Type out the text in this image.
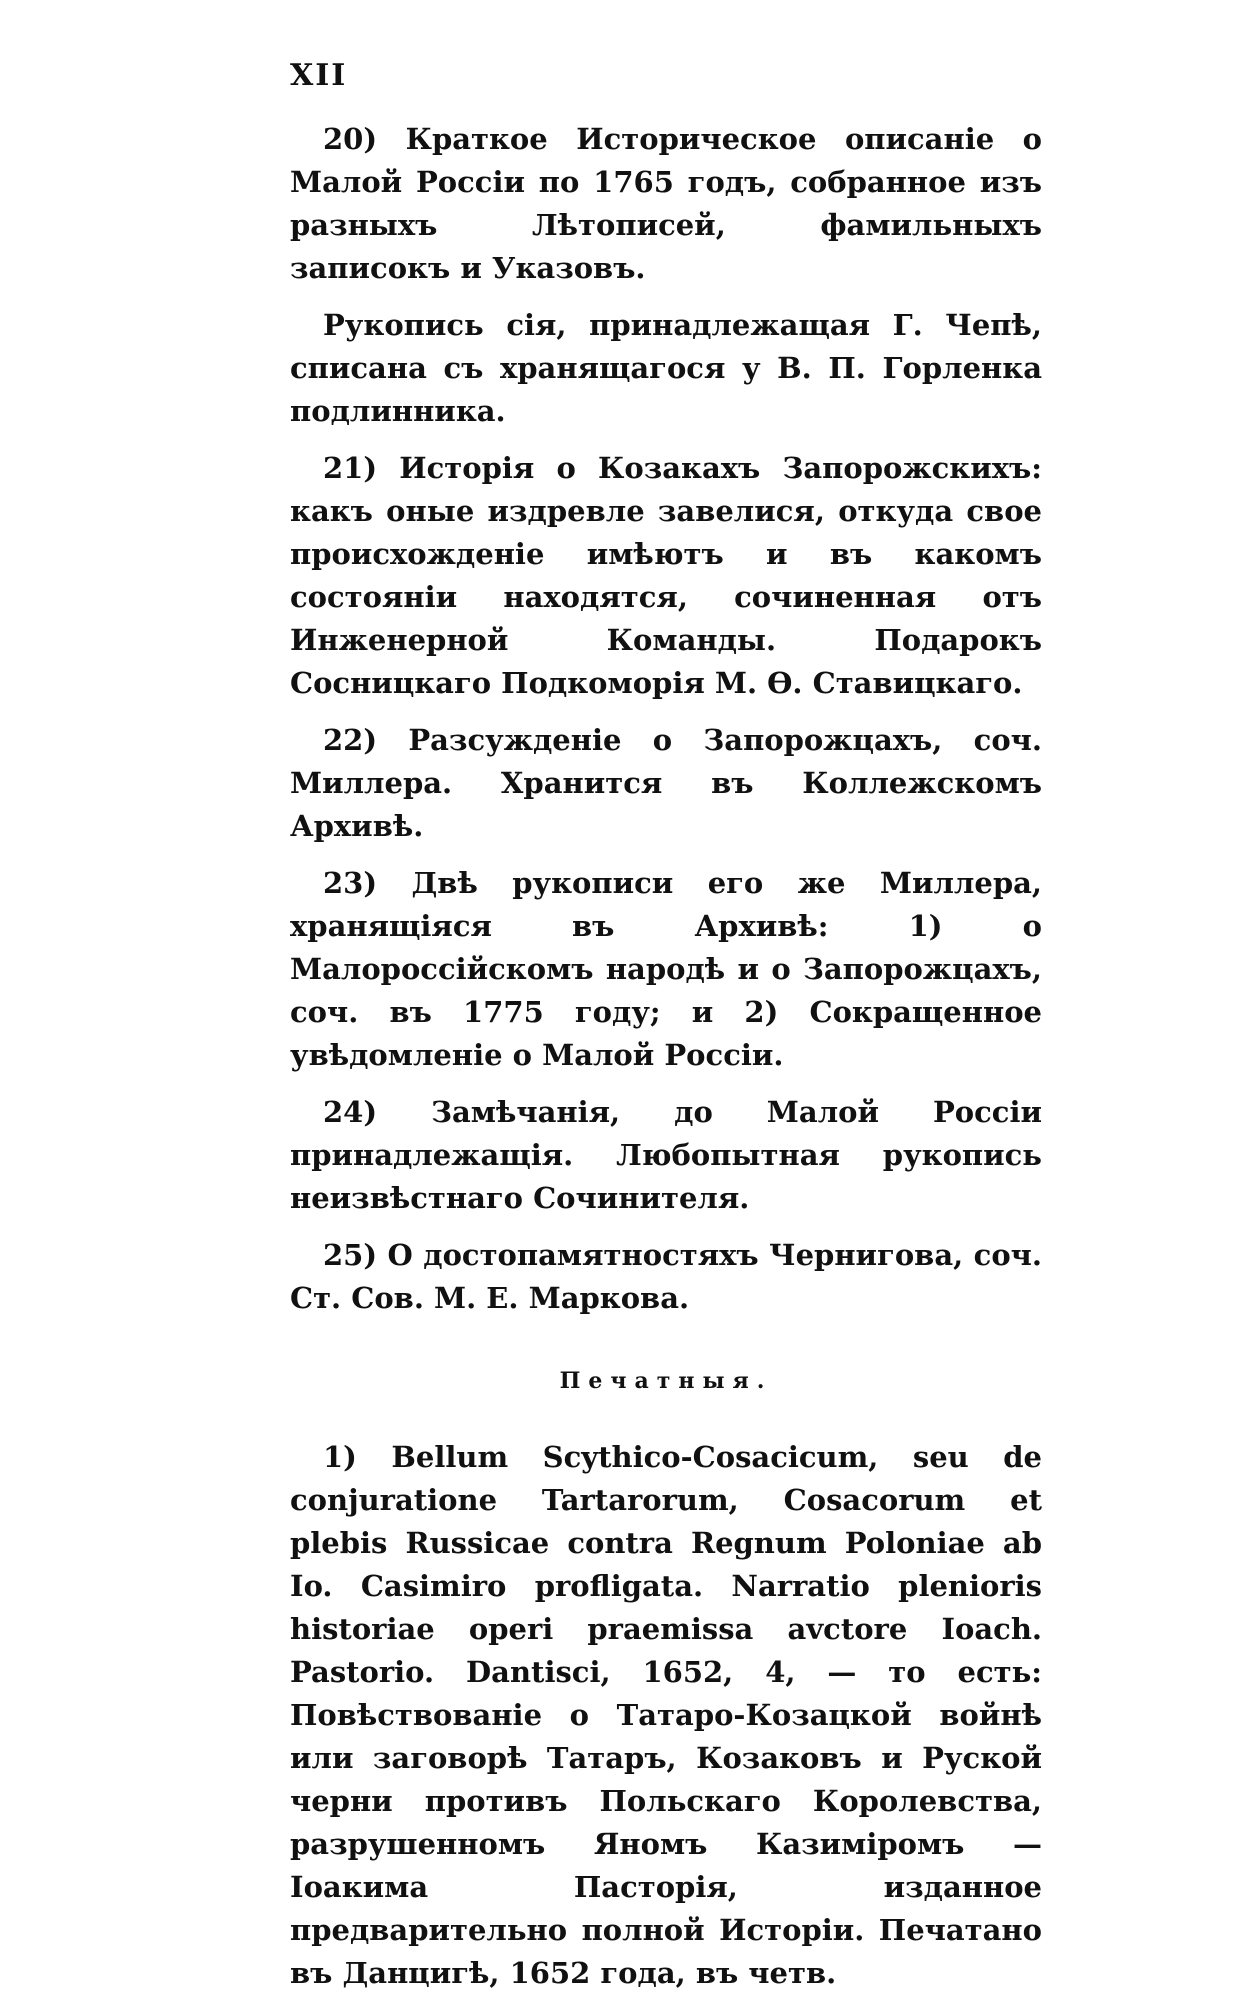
XII

20) Краткое Историческое описаніе о Малой Россіи по 1765 годъ, собранное изъ разныхъ Лѣтописей, фамильныхъ записокъ и Указовъ.

Рукопись сія, принадлежащая Г. Чепѣ, списана съ хранящагося у В. П. Горленка подлинника.

21) Исторія о Козакахъ Запорожскихъ: какъ оные издревле завелися, откуда свое происхожденіе имѣютъ и въ какомъ состояніи находятся, сочиненная отъ Инженерной Команды. Подарокъ Сосницкаго Подкоморія М. Ѳ. Ставицкаго.

22) Разсужденіе о Запорожцахъ, соч. Миллера. Хранится въ Коллежскомъ Архивѣ.

23) Двѣ рукописи его же Миллера, хранящіяся въ Архивѣ: 1) о Малороссійскомъ народѣ и о Запорожцахъ, соч. въ 1775 году; и 2) Сокращенное увѣдомленіе о Малой Россіи.

24) Замѣчанія, до Малой Россіи принадлежащія. Любопытная рукопись неизвѣстнаго Сочинителя.

25) О достопамятностяхъ Чернигова, соч. Ст. Сов. М. Е. Маркова.

Печатныя.

1) Bellum Scythico-Cosacicum, seu de conjuratione Tartarorum, Cosacorum et plebis Russicae contra Regnum Poloniae ab Io. Casimiro profligata. Narratio plenioris historiae operi praemissa avctore Ioach. Pastorio. Dantisci, 1652, 4, — то есть: Повѣствованіе о Татаро-Козацкой войнѣ или заговорѣ Татаръ, Козаковъ и Руской черни противъ Польскаго Королевства, разрушенномъ Яномъ Казиміромъ — Іоакима Пасторія, изданное предварительно полной Исторіи. Печатано въ Данцигѣ, 1652 года, въ четв.
